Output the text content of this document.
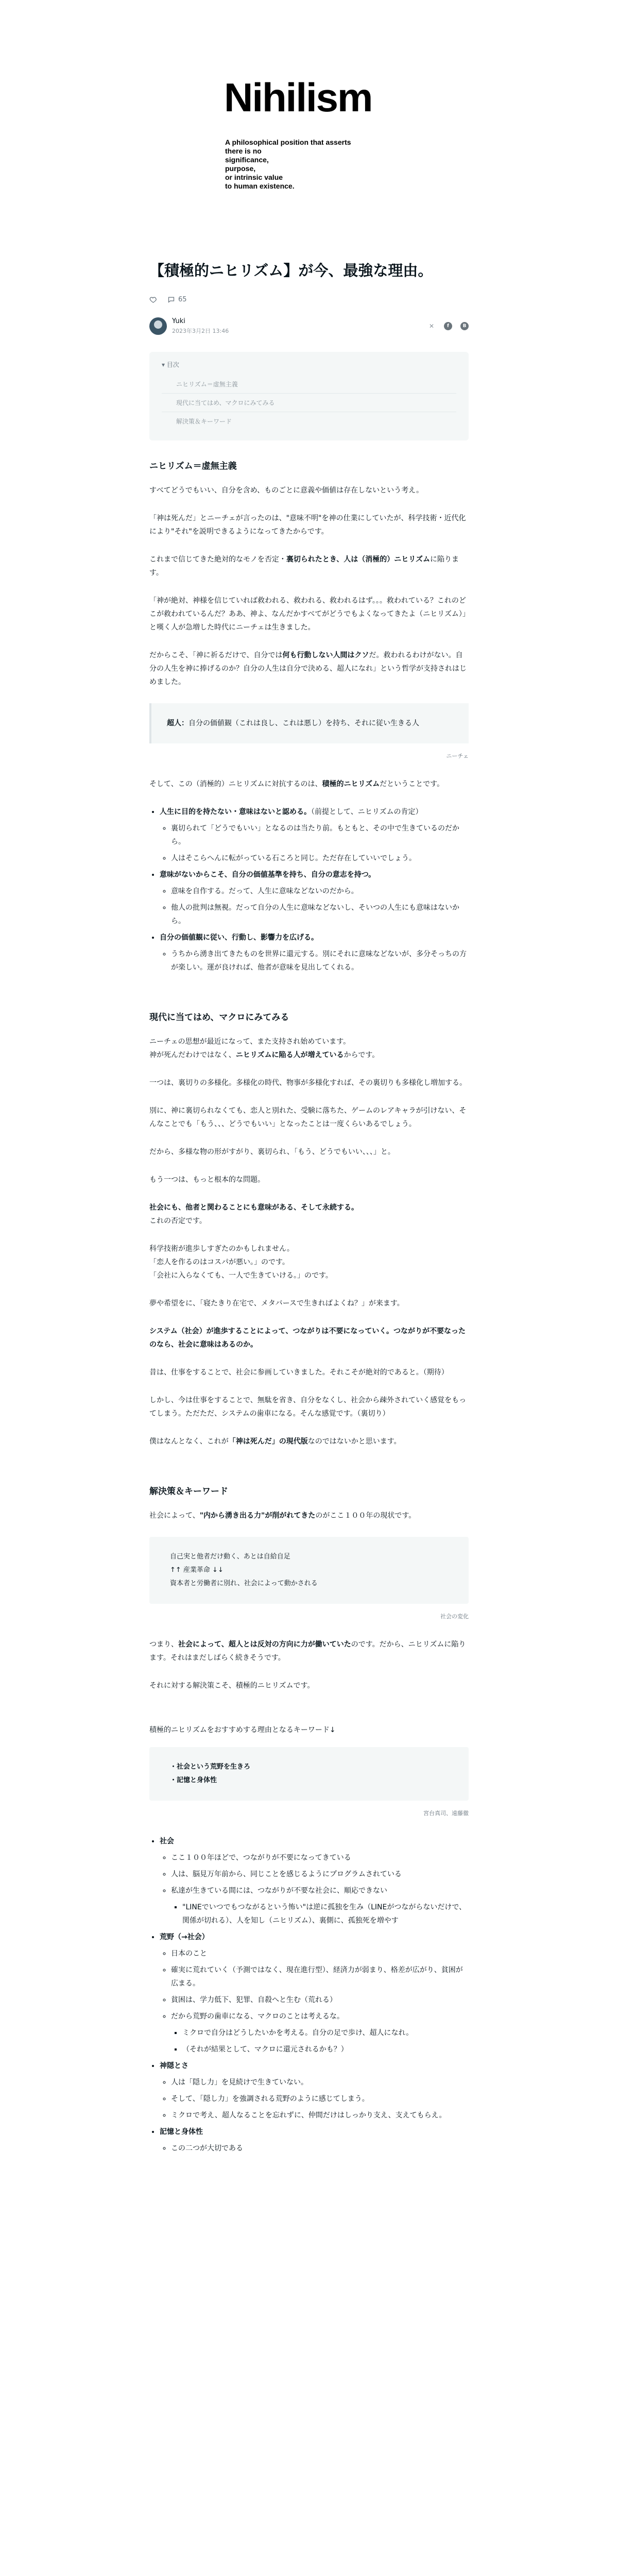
Nihilism
A philosophical position that asserts
there is no
significance,
purpose,
or intrinsic value
to human existence.
【積極的ニヒリズム】が今、最強な理由。
65
Yuki
2023年3月2日 13:46
✕	f	B
▾ 目次
ニヒリズム＝虚無主義
現代に当てはめ、マクロにみてみる
解決策＆キーワード
ニヒリズム＝虚無主義

すべてどうでもいい、自分を含め、ものごとに意義や価値は存在しないという考え。

「神は死んだ」とニーチェが言ったのは、"意味不明"を神の仕業にしていたが、科学技術・近代化により"それ"を説明できるようになってきたからです。

これまで信じてきた絶対的なモノを否定・裏切られたとき、人は（消極的）ニヒリズムに陥ります。

「神が絶対、神様を信じていれば救われる、救われる、救われるはず。。。救われている？これのどこが救われているんだ？ああ、神よ、なんだかすべてがどうでもよくなってきたよ（ニヒリズム）」と嘆く人が急増した時代にニーチェは生きました。

だからこそ、「神に祈るだけで、自分では何も行動しない人間はクソだ。救われるわけがない。自分の人生を神に捧げるのか？自分の人生は自分で決める、超人になれ」という哲学が支持されはじめました。

超人：自分の価値観（これは良し、これは悪し）を持ち、それに従い生きる人
ニーチェ

そして、この（消極的）ニヒリズムに対抗するのは、積極的ニヒリズムだということです。

• 人生に目的を持たない・意味はないと認める。（前提として、ニヒリズムの肯定）
◦ 裏切られて「どうでもいい」となるのは当たり前。もともと、その中で生きているのだから。
◦ 人はそこらへんに転がっている石ころと同じ。ただ存在していいでしょう。
• 意味がないからこそ、自分の価値基準を持ち、自分の意志を持つ。
◦ 意味を自作する。だって、人生に意味などないのだから。
◦ 他人の批判は無視。だって自分の人生に意味などないし、そいつの人生にも意味はないから。
• 自分の価値観に従い、行動し、影響力を広げる。
◦ うちから湧き出てきたものを世界に還元する。別にそれに意味などないが、多分そっちの方が楽しい。運が良ければ、他者が意味を見出してくれる。
現代に当てはめ、マクロにみてみる

ニーチェの思想が最近になって、また支持され始めています。
神が死んだわけではなく、ニヒリズムに陥る人が増えているからです。

一つは、裏切りの多様化。多様化の時代、物事が多様化すれば、その裏切りも多様化し増加する。

別に、神に裏切られなくても、恋人と別れた、受験に落ちた、ゲームのレアキャラが引けない、そんなことでも「もう、、、どうでもいい」となったことは一度くらいあるでしょう。

だから、多様な物の形がすがり、裏切られ、「もう、どうでもいい、、、」と。

もう一つは、もっと根本的な問題。

社会にも、他者と関わることにも意味がある、そして永続する。
これの否定です。

科学技術が進歩しすぎたのかもしれません。
「恋人を作るのはコスパが悪い。」のです。
「会社に入らなくても、一人で生きていける。」のです。

夢や希望をに、「寝たきり在宅で、メタバースで生きればよくね？」が来ます。

システム（社会）が進歩することによって、つながりは不要になっていく。つながりが不要なったのなら、社会に意味はあるのか。

昔は、仕事をすることで、社会に参画していきました。それこそが絶対的であると。（期待）

しかし、今は仕事をすることで、無駄を省き、自分をなくし、社会から疎外されていく感覚をもってしまう。ただただ、システムの歯車になる。そんな感覚です。（裏切り）

僕はなんとなく、これが「神は死んだ」の現代版なのではないかと思います。

解決策＆キーワード

社会によって、"内から湧き出る力"が削がれてきたのがここ１００年の現状です。

自己実と他者だけ動く、あとは自給自足
↑↑ 産業革命 ↓↓
資本者と労働者に別れ、社会によって動かされる
社会の変化

つまり、社会によって、超人とは反対の方向に力が働いていたのです。だから、ニヒリズムに陥ります。それはまだしばらく続きそうです。

それに対する解決策こそ、積極的ニヒリズムです。

積極的ニヒリズムをおすすめする理由となるキーワード↓

・社会という荒野を生きろ
・記憶と身体性
宮台真司、遠藤徹
• 社会
◦ ここ１００年ほどで、つながりが不要になってきている
◦ 人は、脳見万年前から、同じことを感じるようにプログラムされている
◦ 私達が生きている間には、つながりが不要な社会に、順応できない
▪ "LINEでいつでもつながるという怖い"は逆に孤独を生み（LINEがつながらないだけで、関係が切れる）、人を知し（ニヒリズム）、裏側に、孤独死を増やす
• 荒野（→社会）
◦ 日本のこと
◦ 確実に荒れていく（予測ではなく、現在進行型）、経済力が弱まり、格差が広がり、貧困が広まる。
◦ 貧困は、学力低下、犯罪、自殺へと生む（荒れる）
◦ だから荒野の歯車になる、マクロのことは考えるな。
▪ ミクロで自分はどうしたいかを考える。自分の足で歩け、超人になれ。
▪ （それが結果として、マクロに還元されるかも？）
• 神隠とさ
◦ 人は「隠し力」を見続けで生きていない。
◦ そして、「隠し力」を強調される荒野のように感じてしまう。
◦ ミクロで考え、超人なることを忘れずに、仲間だけはしっかり支え、支えてもらえ。
• 記憶と身体性
◦ この二つが大切である
